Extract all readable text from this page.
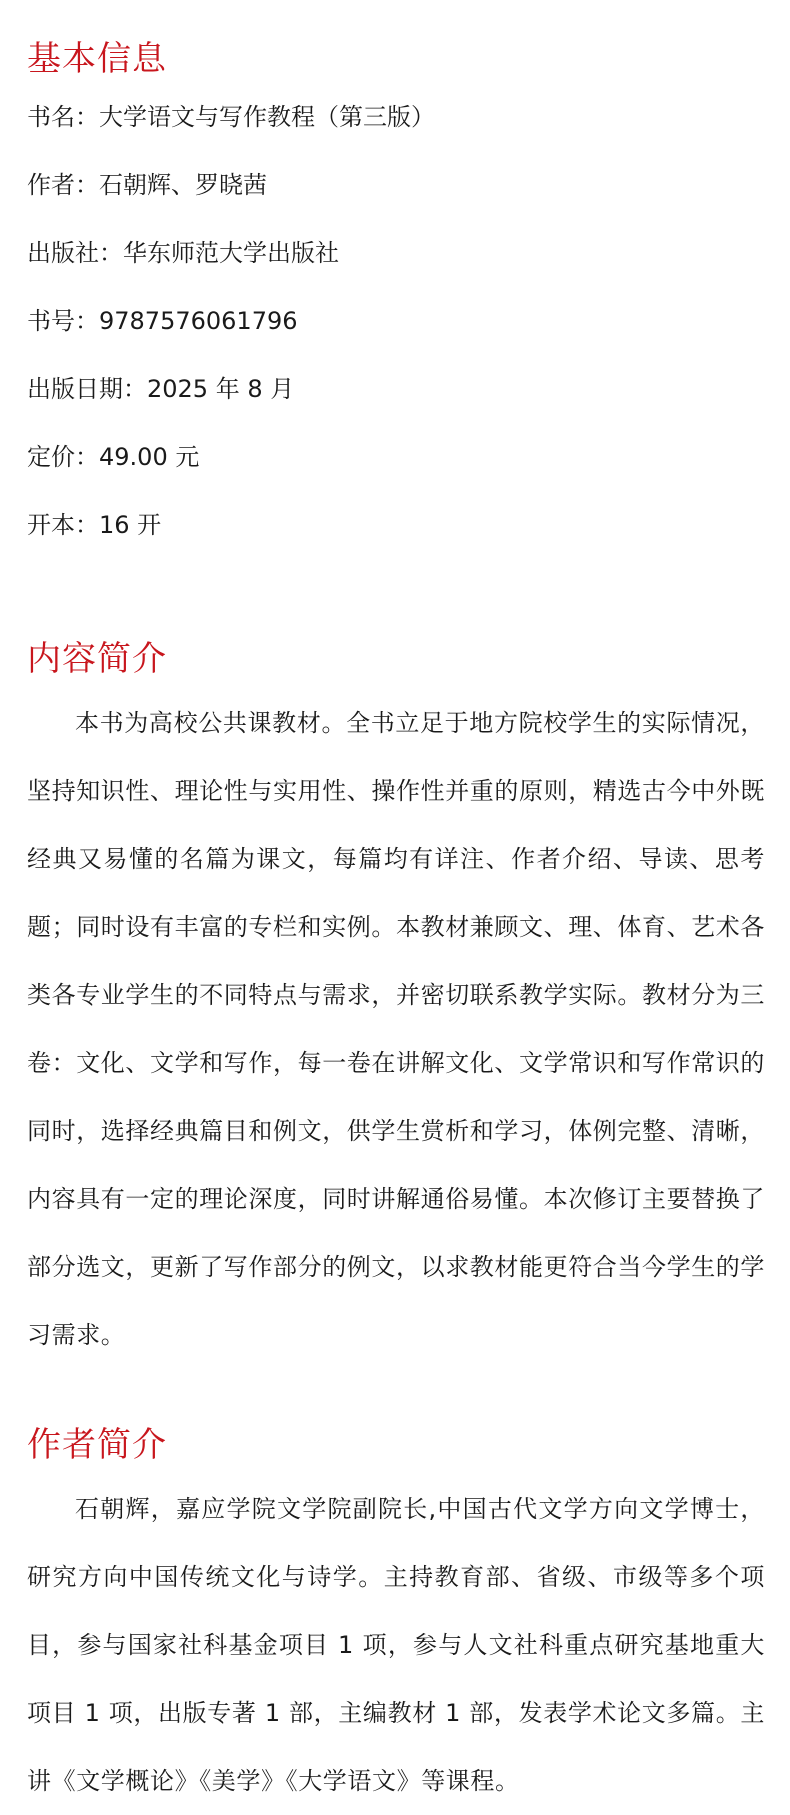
基本信息
书名：大学语文与写作教程（第三版）
作者：石朝辉、罗晓茜
出版社：华东师范大学出版社
书号：9787576061796
出版日期：2025 年 8 月
定价：49.00 元
开本：16 开
内容简介

本书为高校公共课教材。全书立足于地方院校学生的实际情况，坚持知识性、理论性与实用性、操作性并重的原则，精选古今中外既经典又易懂的名篇为课文，每篇均有详注、作者介绍、导读、思考题；同时设有丰富的专栏和实例。本教材兼顾文、理、体育、艺术各类各专业学生的不同特点与需求，并密切联系教学实际。教材分为三卷：文化、文学和写作，每一卷在讲解文化、文学常识和写作常识的同时，选择经典篇目和例文，供学生赏析和学习，体例完整、清晰，内容具有一定的理论深度，同时讲解通俗易懂。本次修订主要替换了部分选文，更新了写作部分的例文，以求教材能更符合当今学生的学习需求。

作者简介

石朝辉，嘉应学院文学院副院长,中国古代文学方向文学博士，研究方向中国传统文化与诗学。主持教育部、省级、市级等多个项目，参与国家社科基金项目 1 项，参与人文社科重点研究基地重大项目 1 项，出版专著 1 部，主编教材 1 部，发表学术论文多篇。主讲《文学概论》《美学》《大学语文》等课程。
